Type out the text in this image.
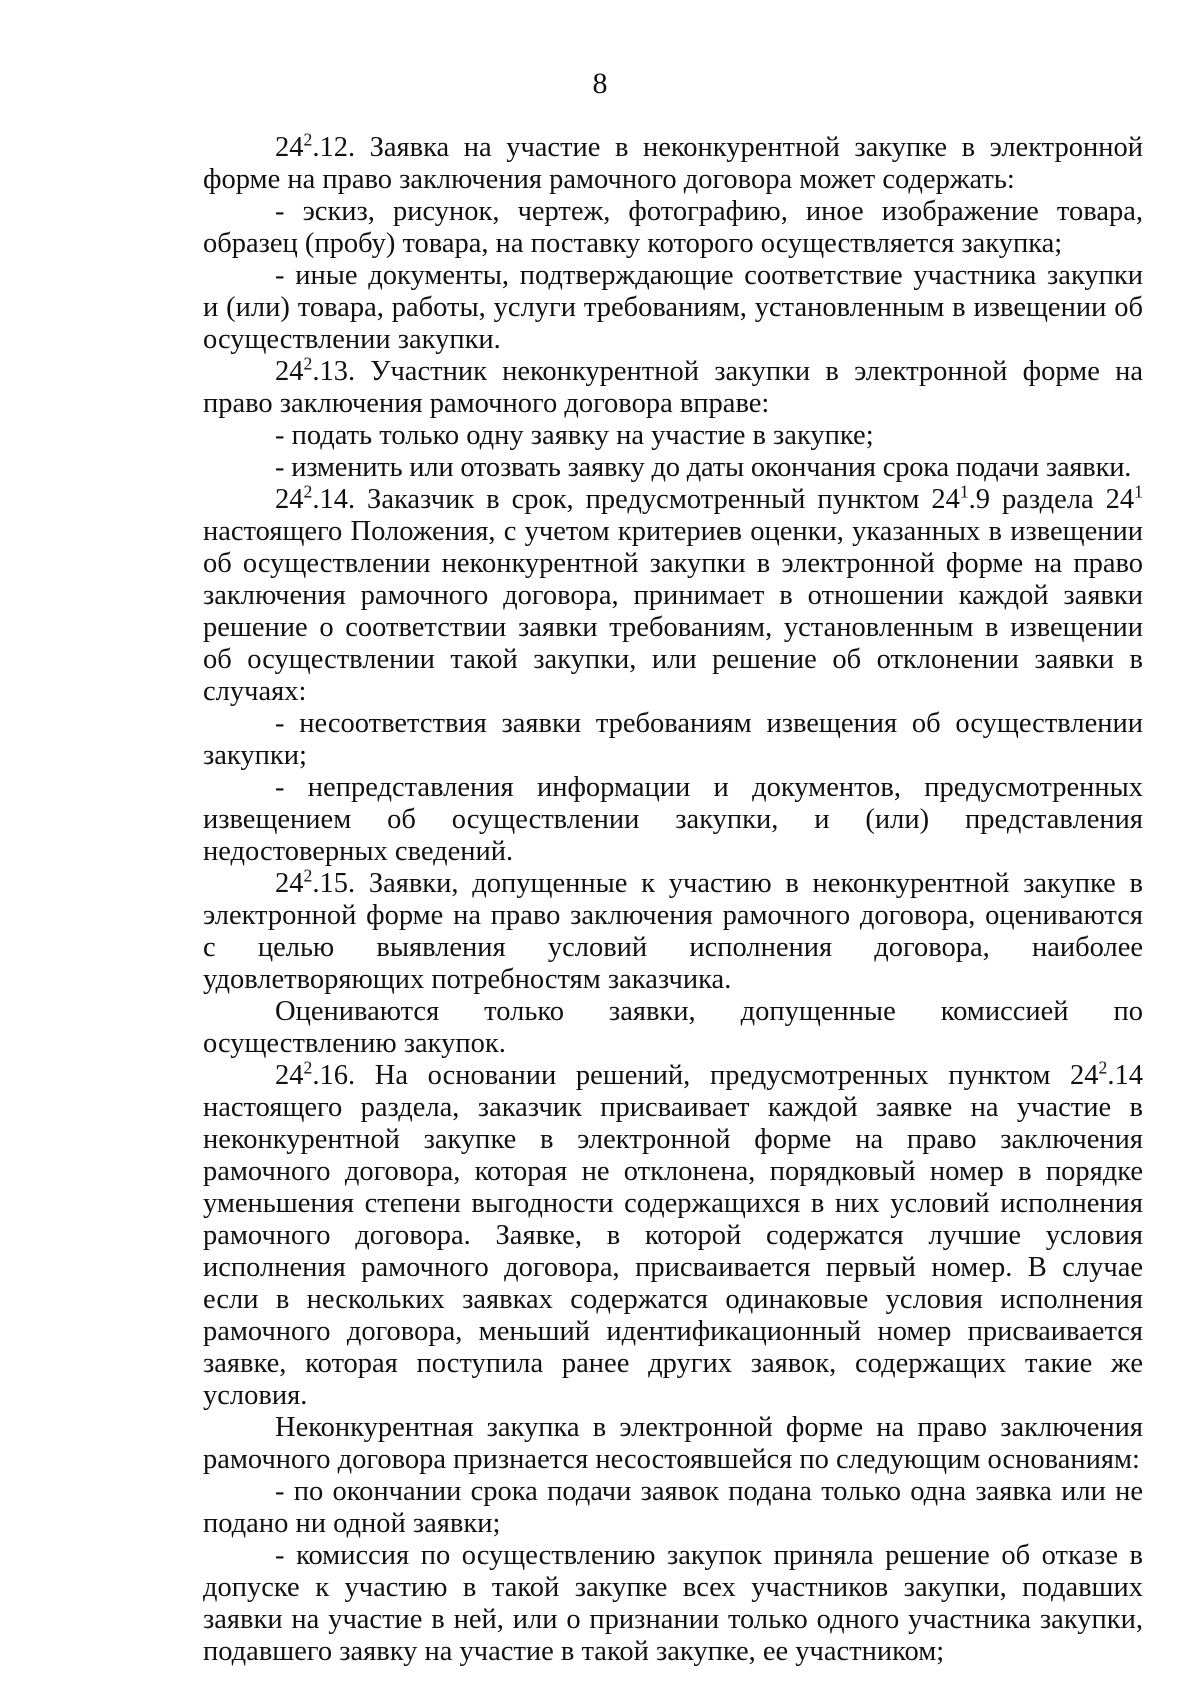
8

$24^2.12$. Заявка на участие в неконкурентной закупке в электронной форме на право заключения рамочного договора может содержать:

- эскиз, рисунок, чертеж, фотографию, иное изображение товара, образец (пробу) товара, на поставку которого осуществляется закупка;

- иные документы, подтверждающие соответствие участника закупки и (или) товара, работы, услуги требованиям, установленным в извещении об осуществлении закупки.

$24^2.13$. Участник неконкурентной закупки в электронной форме на право заключения рамочного договора вправе:

- подать только одну заявку на участие в закупке;

- изменить или отозвать заявку до даты окончания срока подачи заявки.

$24^2.14$. Заказчик в срок, предусмотренный пунктом $24^1.9$ раздела $24^1$ настоящего Положения, с учетом критериев оценки, указанных в извещении об осуществлении неконкурентной закупки в электронной форме на право заключения рамочного договора, принимает в отношении каждой заявки решение о соответствии заявки требованиям, установленным в извещении об осуществлении такой закупки, или решение об отклонении заявки в случаях:

- несоответствия заявки требованиям извещения об осуществлении закупки;

- непредставления информации и документов, предусмотренных извещением об осуществлении закупки, и (или) представления недостоверных сведений.

$24^2.15$. Заявки, допущенные к участию в неконкурентной закупке в электронной форме на право заключения рамочного договора, оцениваются с целью выявления условий исполнения договора, наиболее удовлетворяющих потребностям заказчика.

Оцениваются только заявки, допущенные комиссией по осуществлению закупок.

$24^2.16$. На основании решений, предусмотренных пунктом $24^2.14$ настоящего раздела, заказчик присваивает каждой заявке на участие в неконкурентной закупке в электронной форме на право заключения рамочного договора, которая не отклонена, порядковый номер в порядке уменьшения степени выгодности содержащихся в них условий исполнения рамочного договора. Заявке, в которой содержатся лучшие условия исполнения рамочного договора, присваивается первый номер. В случае если в нескольких заявках содержатся одинаковые условия исполнения рамочного договора, меньший идентификационный номер присваивается заявке, которая поступила ранее других заявок, содержащих такие же условия.

Неконкурентная закупка в электронной форме на право заключения рамочного договора признается несостоявшейся по следующим основаниям:

- по окончании срока подачи заявок подана только одна заявка или не подано ни одной заявки;

- комиссия по осуществлению закупок приняла решение об отказе в допуске к участию в такой закупке всех участников закупки, подавших заявки на участие в ней, или о признании только одного участника закупки, подавшего заявку на участие в такой закупке, ее участником;
